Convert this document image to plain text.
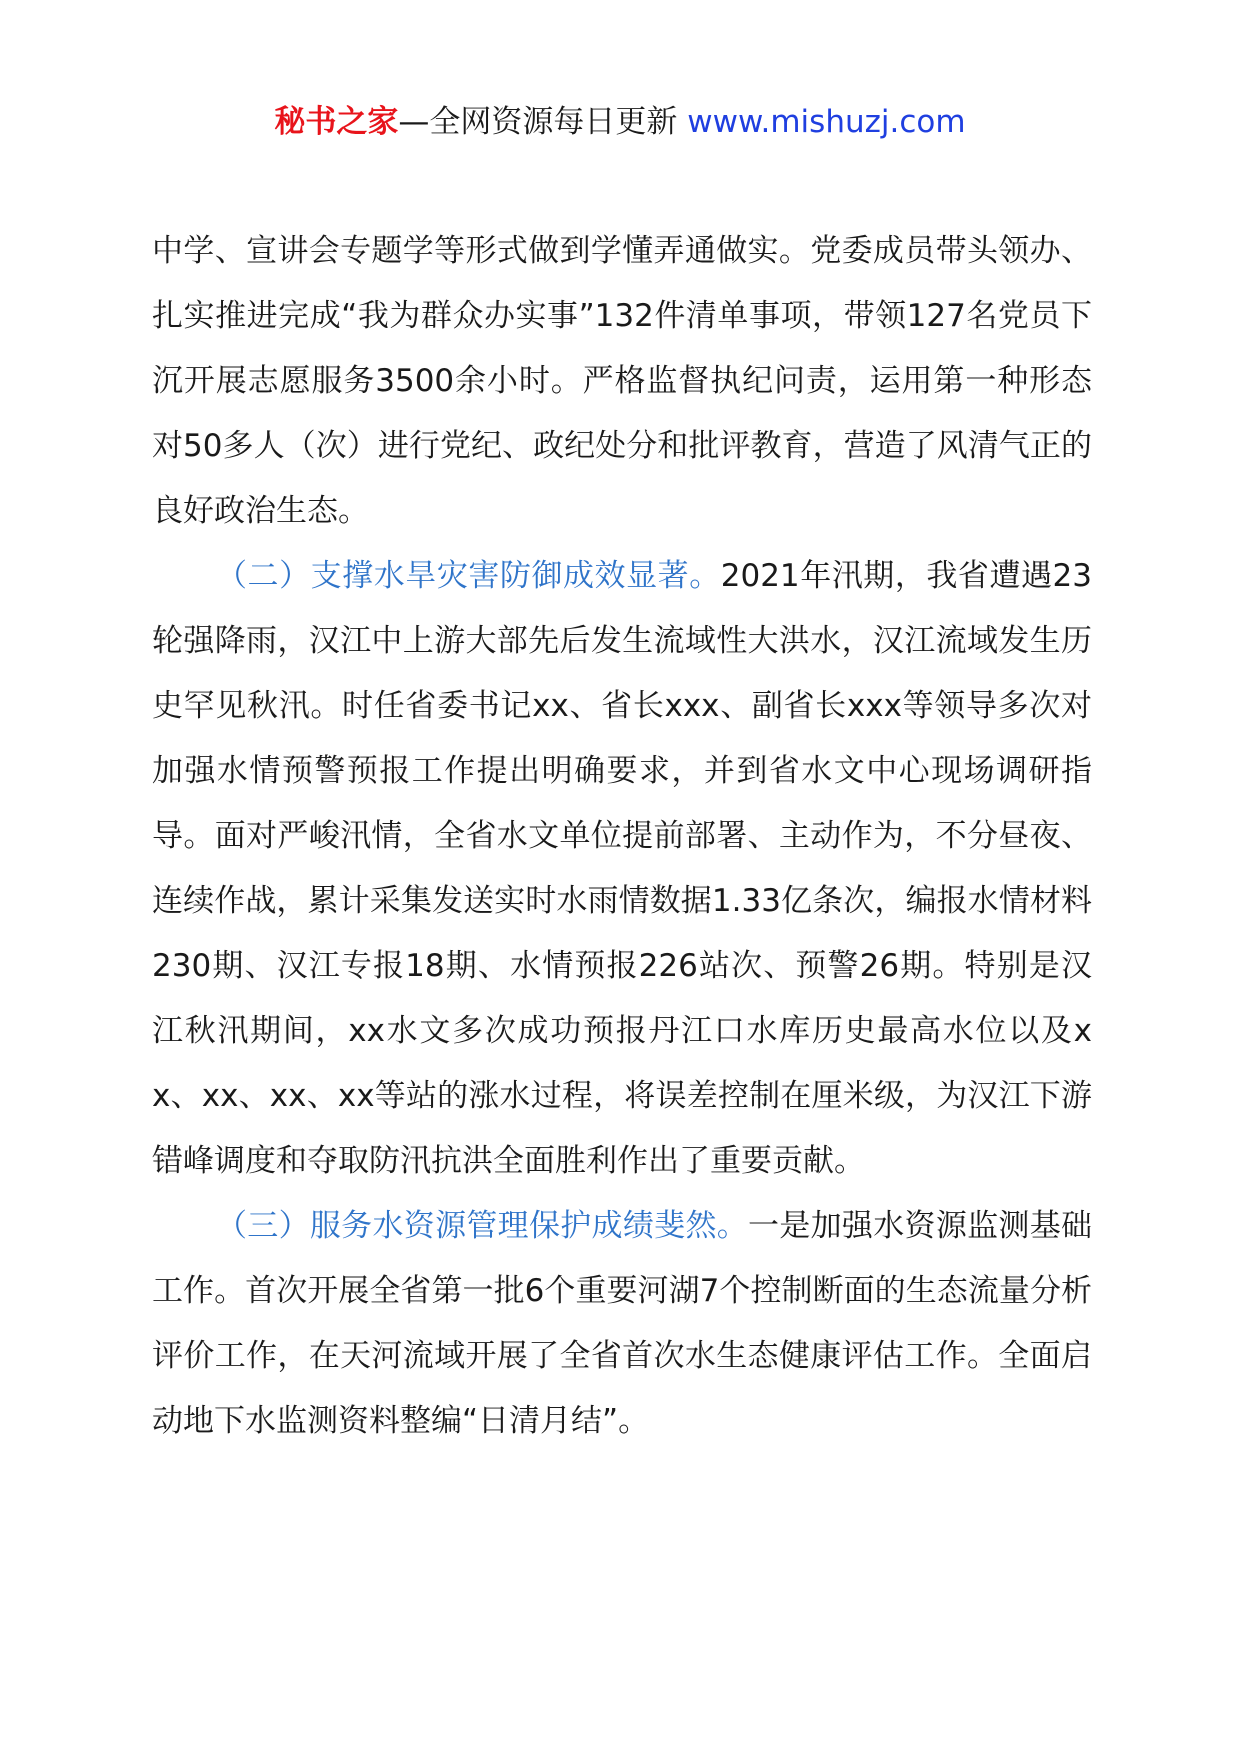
秘书之家—全网资源每日更新 www.mishuzj.com

中学、宣讲会专题学等形式做到学懂弄通做实。党委成员带头领办、扎实推进完成“我为群众办实事”132件清单事项，带领127名党员下沉开展志愿服务3500余小时。严格监督执纪问责，运用第一种形态对50多人（次）进行党纪、政纪处分和批评教育，营造了风清气正的良好政治生态。

（二）支撑水旱灾害防御成效显著。2021年汛期，我省遭遇23轮强降雨，汉江中上游大部先后发生流域性大洪水，汉江流域发生历史罕见秋汛。时任省委书记xx、省长xxx、副省长xxx等领导多次对加强水情预警预报工作提出明确要求，并到省水文中心现场调研指导。面对严峻汛情，全省水文单位提前部署、主动作为，不分昼夜、连续作战，累计采集发送实时水雨情数据1.33亿条次，编报水情材料230期、汉江专报18期、水情预报226站次、预警26期。特别是汉江秋汛期间，xx水文多次成功预报丹江口水库历史最高水位以及xx、xx、xx、xx等站的涨水过程，将误差控制在厘米级，为汉江下游错峰调度和夺取防汛抗洪全面胜利作出了重要贡献。

（三）服务水资源管理保护成绩斐然。一是加强水资源监测基础工作。首次开展全省第一批6个重要河湖7个控制断面的生态流量分析评价工作，在天河流域开展了全省首次水生态健康评估工作。全面启动地下水监测资料整编“日清月结”。
